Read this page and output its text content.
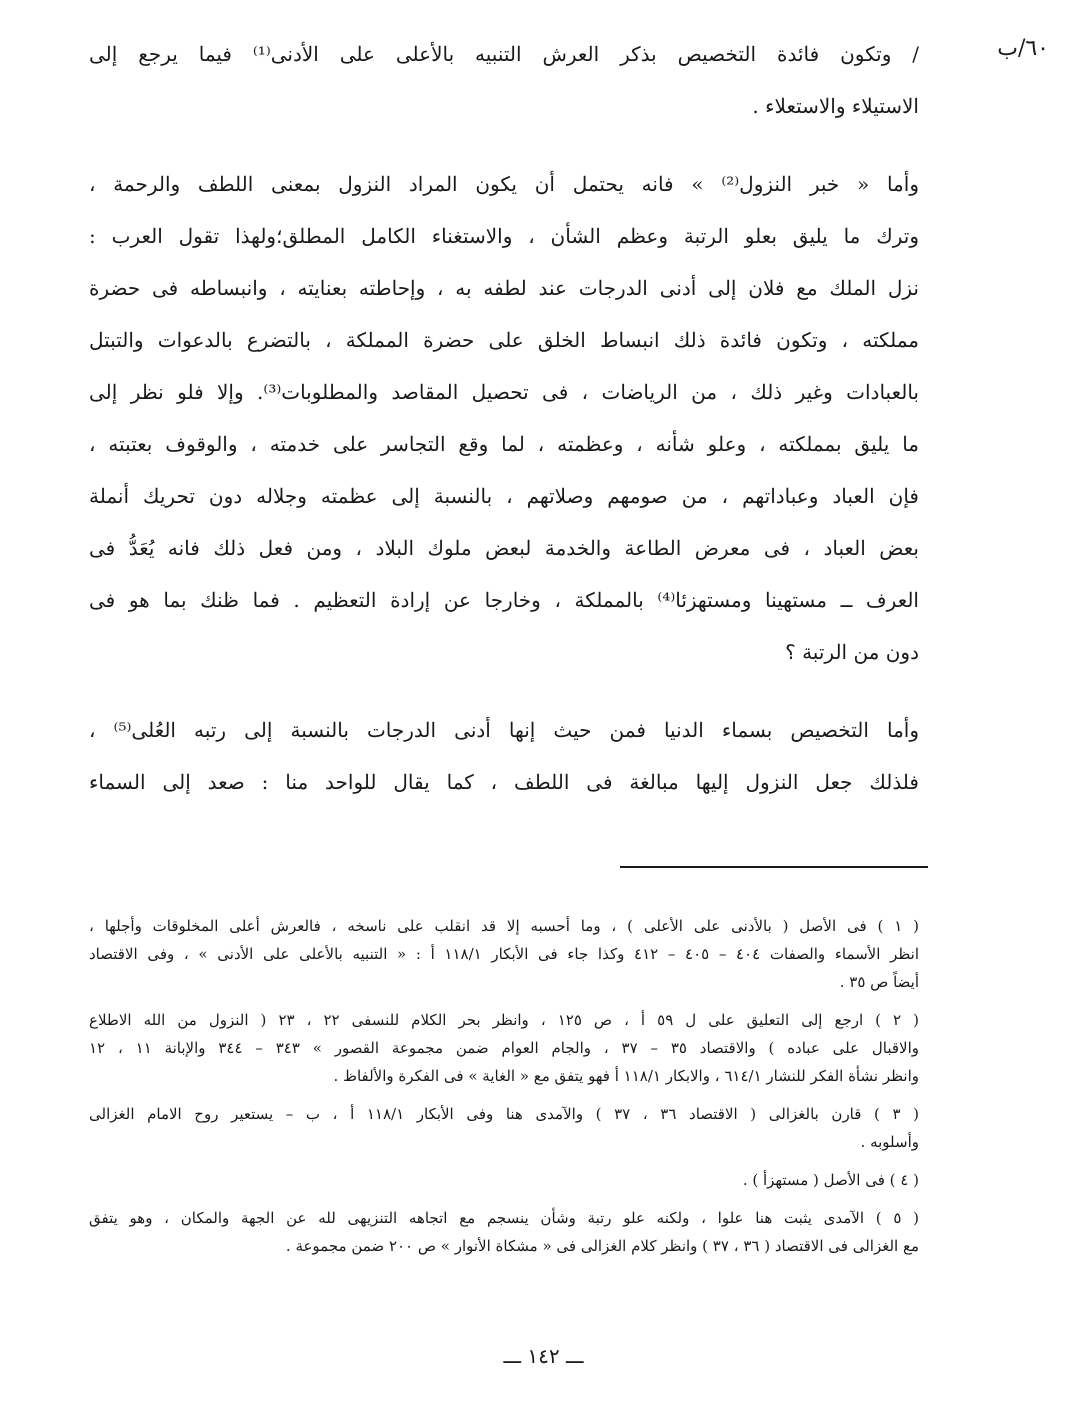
٦٠/ب

/ وتكون فائدة التخصيص بذكر العرش التنبيه بالأعلى على الأدنى⁽¹⁾ فيما يرجع إلى
الاستيلاء والاستعلاء .

وأما « خبر النزول⁽²⁾ » فانه يحتمل أن يكون المراد النزول بمعنى اللطف والرحمة ،
وترك ما يليق بعلو الرتبة وعظم الشأن ، والاستغناء الكامل المطلق؛ولهذا تقول العرب :
نزل الملك مع فلان إلى أدنى الدرجات عند لطفه به ، وإحاطته بعنايته ، وانبساطه فى حضرة
مملكته ، وتكون فائدة ذلك انبساط الخلق على حضرة المملكة ، بالتضرع بالدعوات والتبتل
بالعبادات وغير ذلك ، من الرياضات ، فى تحصيل المقاصد والمطلوبات⁽³⁾. وإلا فلو نظر إلى
ما يليق بمملكته ، وعلو شأنه ، وعظمته ، لما وقع التجاسر على خدمته ، والوقوف بعتبته ،
فإن العباد وعباداتهم ، من صومهم وصلاتهم ، بالنسبة إلى عظمته وجلاله دون تحريك أنملة
بعض العباد ، فى معرض الطاعة والخدمة لبعض ملوك البلاد ، ومن فعل ذلك فانه يُعَدُّ فى
العرف ــ مستهينا ومستهزئا⁽⁴⁾ بالمملكة ، وخارجا عن إرادة التعظيم . فما ظنك بما هو فى
دون من الرتبة ؟

وأما التخصيص بسماء الدنيا فمن حيث إنها أدنى الدرجات بالنسبة إلى رتبه العُلى⁽⁵⁾ ،
فلذلك جعل النزول إليها مبالغة فى اللطف ، كما يقال للواحد منا : صعد إلى السماء

( ١ ) فى الأصل ( بالأدنى على الأعلى ) ، وما أحسبه إلا قد انقلب على ناسخه ، فالعرش أعلى المخلوقات وأجلها ،
انظر الأسماء والصفات ٤٠٤ – ٤٠٥ – ٤١٢ وكذا جاء فى الأبكار ١١٨/١ أ : « التنبيه بالأعلى على الأدنى » ، وفى الاقتصاد
أيضاً ص ٣٥ .
( ٢ ) ارجع إلى التعليق على ل ٥٩ أ ، ص ١٢٥ ، وانظر بحر الكلام للنسفى ٢٢ ، ٢٣ ( النزول من الله الاطلاع
والاقبال على عباده ) والاقتصاد ٣٥ – ٣٧ ، والجام العوام ضمن مجموعة القصور » ٣٤٣ – ٣٤٤ والإبانة ١١ ، ١٢
وانظر نشأة الفكر للنشار ٦١٤/١ ، والابكار ١١٨/١ أ فهو يتفق مع « الغاية » فى الفكرة والألفاظ .
( ٣ ) قارن بالغزالى ( الاقتصاد ٣٦ ، ٣٧ ) والآمدى هنا وفى الأبكار ١١٨/١ أ ، ب – يستعير روح الامام الغزالى
وأسلوبه .
( ٤ ) فى الأصل ( مستهزأ ) .
( ٥ ) الآمدى يثبت هنا علوا ، ولكنه علو رتبة وشأن ينسجم مع اتجاهه التنزيهى لله عن الجهة والمكان ، وهو يتفق
مع الغزالى فى الاقتصاد ( ٣٦ ، ٣٧ ) وانظر كلام الغزالى فى « مشكاة الأنوار » ص ٢٠٠ ضمن مجموعة .
ـــ ١٤٢ ـــ
